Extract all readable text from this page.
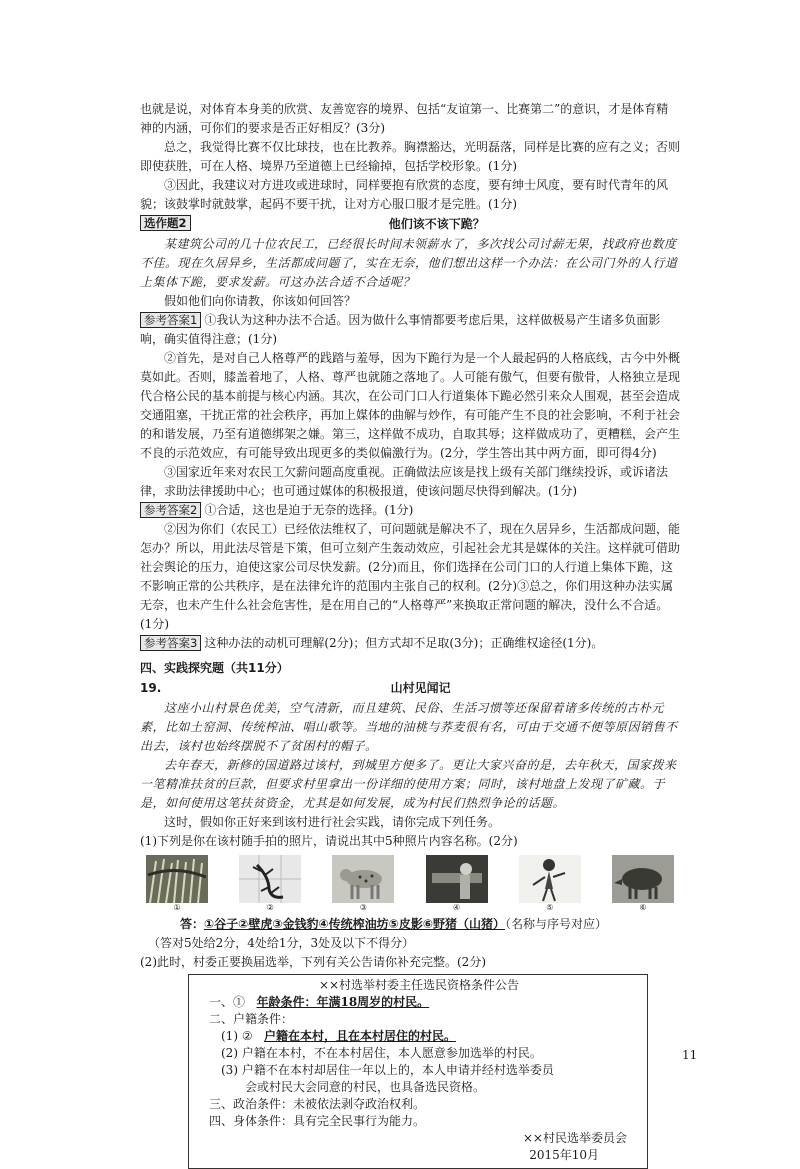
也就是说，对体育本身美的欣赏、友善宽容的境界、包括“友谊第一、比赛第二”的意识，才是体育精神的内涵，可你们的要求是否正好相反？(3分)

总之，我觉得比赛不仅比球技，也在比教养。胸襟豁达，光明磊落，同样是比赛的应有之义；否则即使获胜，可在人格、境界乃至道德上已经输掉，包括学校形象。(1分)

③因此，我建议对方进攻或进球时，同样要抱有欣赏的态度，要有绅士风度，要有时代青年的风貌；该鼓掌时就鼓掌，起码不要干扰，让对方心服口服才是完胜。(1分)

选作题2	他们该不该下跪？

某建筑公司的几十位农民工，已经很长时间未领薪水了，多次找公司讨薪无果，找政府也数度不佳。现在久居异乡，生活都成问题了，实在无奈，他们想出这样一个办法：在公司门外的人行道上集体下跪，要求发薪。可这办法合适不合适呢？

假如他们向你请教，你该如何回答？

参考答案1 ①我认为这种办法不合适。因为做什么事情都要考虑后果，这样做极易产生诸多负面影响，确实值得注意；(1分)

②首先，是对自己人格尊严的践踏与羞辱，因为下跪行为是一个人最起码的人格底线，古今中外概莫如此。否则，膝盖着地了，人格、尊严也就随之落地了。人可能有傲气，但要有傲骨，人格独立是现代合格公民的基本前提与核心内涵。其次，在公司门口人行道集体下跪必然引来众人围观，甚至会造成交通阻塞，干扰正常的社会秩序，再加上媒体的曲解与炒作，有可能产生不良的社会影响，不利于社会的和谐发展，乃至有道德绑架之嫌。第三，这样做不成功，自取其辱；这样做成功了，更糟糕，会产生不良的示范效应，有可能导致出现更多的类似偏激行为。(2分，学生答出其中两方面，即可得4分)

③国家近年来对农民工欠薪问题高度重视。正确做法应该是找上级有关部门继续投诉，或诉诸法律，求助法律援助中心；也可通过媒体的积极报道，使该问题尽快得到解决。(1分)

参考答案2 ①合适，这也是迫于无奈的选择。(1分)

②因为你们（农民工）已经依法维权了，可问题就是解决不了，现在久居异乡，生活都成问题，能怎办？所以，用此法尽管是下策，但可立刻产生轰动效应，引起社会尤其是媒体的关注。这样就可借助社会舆论的压力，迫使这家公司尽快发薪。(2分)而且，你们选择在公司门口的人行道上集体下跪，这不影响正常的公共秩序，是在法律允许的范围内主张自己的权利。(2分)③总之，你们用这种办法实属无奈，也未产生什么社会危害性，是在用自己的“人格尊严”来换取正常问题的解决，没什么不合适。(1分)

参考答案3 这种办法的动机可理解(2分)；但方式却不足取(3分)；正确维权途径(1分)。

四、实践探究题（共11分）

19.	山村见闻记

这座小山村景色优美，空气清新，而且建筑、民俗、生活习惯等还保留着诸多传统的古朴元素，比如土窑洞、传统榨油、唱山歌等。当地的油桃与荞麦很有名，可由于交通不便等原因销售不出去，该村也始终摆脱不了贫困村的帽子。

去年春天，新修的国道路过该村，到城里方便多了。更让大家兴奋的是，去年秋天，国家拨来一笔精准扶贫的巨款，但要求村里拿出一份详细的使用方案；同时，该村地盘上发现了矿藏。于是，如何使用这笔扶贫资金，尤其是如何发展，成为村民们热烈争论的话题。

这时，假如你正好来到该村进行社会实践，请你完成下列任务。

(1)下列是你在该村随手拍的照片，请说出其中5种照片内容名称。(2分)

①	②	③	④	⑤	⑥

答：①谷子②壁虎③金钱豹④传统榨油坊⑤皮影⑥野猪（山猪）（名称与序号对应）

（答对5处给2分，4处给1分，3处及以下不得分）

(2)此时，村委正要换届选举，下列有关公告请你补充完整。(2分)

××村选举村委主任选民资格条件公告

一、① 年龄条件：年满18周岁的村民。

二、户籍条件：

(1) ② 户籍在本村，且在本村居住的村民。

(2) 户籍在本村，不在本村居住，本人愿意参加选举的村民。

(3) 户籍不在本村却居住一年以上的，本人申请并经村选举委员

会或村民大会同意的村民，也具备选民资格。

三、政治条件：未被依法剥夺政治权利。

四、身体条件：具有完全民事行为能力。

××村民选举委员会

2015年10月

11
